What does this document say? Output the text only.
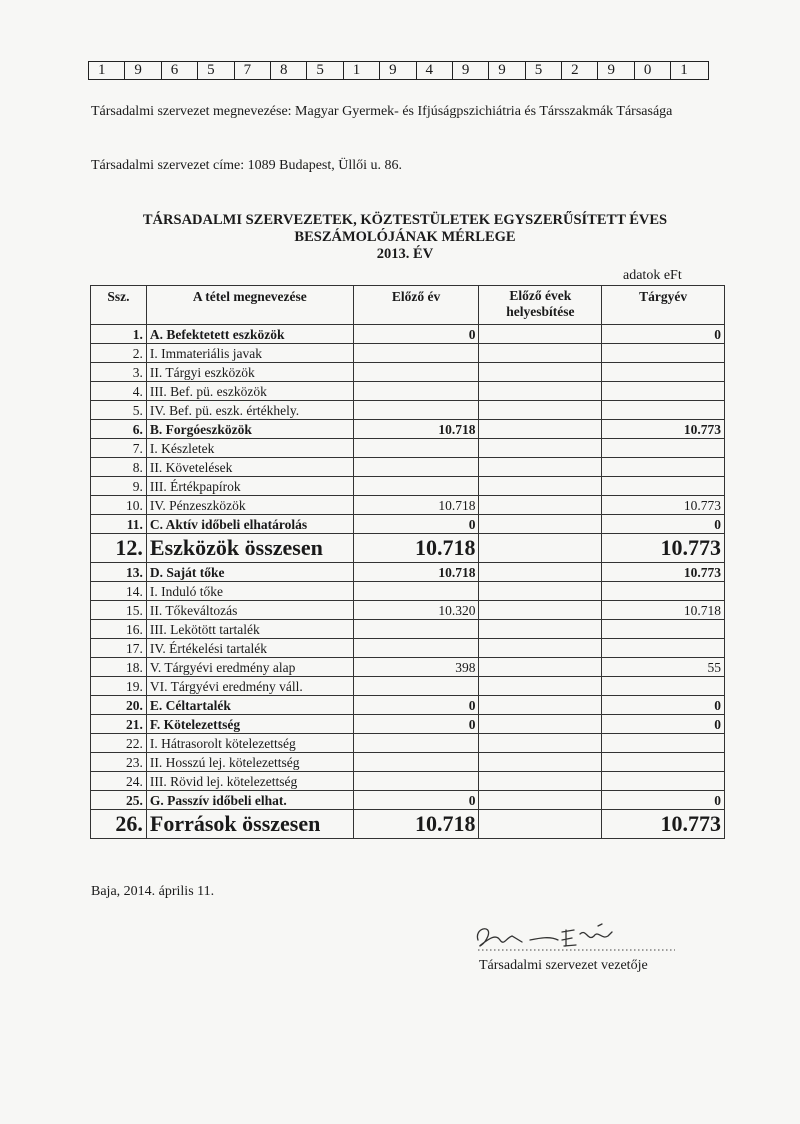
1	9	6	5	7	8	5	1	9	4	9	9	5	2	9	0	1
Társadalmi szervezet megnevezése: Magyar Gyermek- és Ifjúságpszichiátria és Társszakmák Társasága
Társadalmi szervezet címe: 1089 Budapest, Üllői u. 86.
TÁRSADALMI SZERVEZETEK, KÖZTESTÜLETEK EGYSZERŰSÍTETT ÉVES
BESZÁMOLÓJÁNAK MÉRLEGE
2013. ÉV
adatok eFt
Ssz.	A tétel megnevezése	Előző év	Előző évek helyesbítése	Tárgyév
1.	A. Befektetett eszközök	0		0
2.	I. Immateriális javak			
3.	II. Tárgyi eszközök			
4.	III. Bef. pü. eszközök			
5.	IV. Bef. pü. eszk. értékhely.			
6.	B. Forgóeszközök	10.718		10.773
7.	I. Készletek			
8.	II. Követelések			
9.	III. Értékpapírok			
10.	IV. Pénzeszközök	10.718		10.773
11.	C. Aktív időbeli elhatárolás	0		0
12.	Eszközök összesen	10.718		10.773
13.	D. Saját tőke	10.718		10.773
14.	I. Induló tőke			
15.	II. Tőkeváltozás	10.320		10.718
16.	III. Lekötött tartalék			
17.	IV. Értékelési tartalék			
18.	V. Tárgyévi eredmény alap	398		55
19.	VI. Tárgyévi eredmény váll.			
20.	E. Céltartalék	0		0
21.	F. Kötelezettség	0		0
22.	I. Hátrasorolt kötelezettség			
23.	II. Hosszú lej. kötelezettség			
24.	III. Rövid lej. kötelezettség			
25.	G. Passzív időbeli elhat.	0		0
26.	Források összesen	10.718		10.773
Baja, 2014. április 11.
Társadalmi szervezet vezetője
